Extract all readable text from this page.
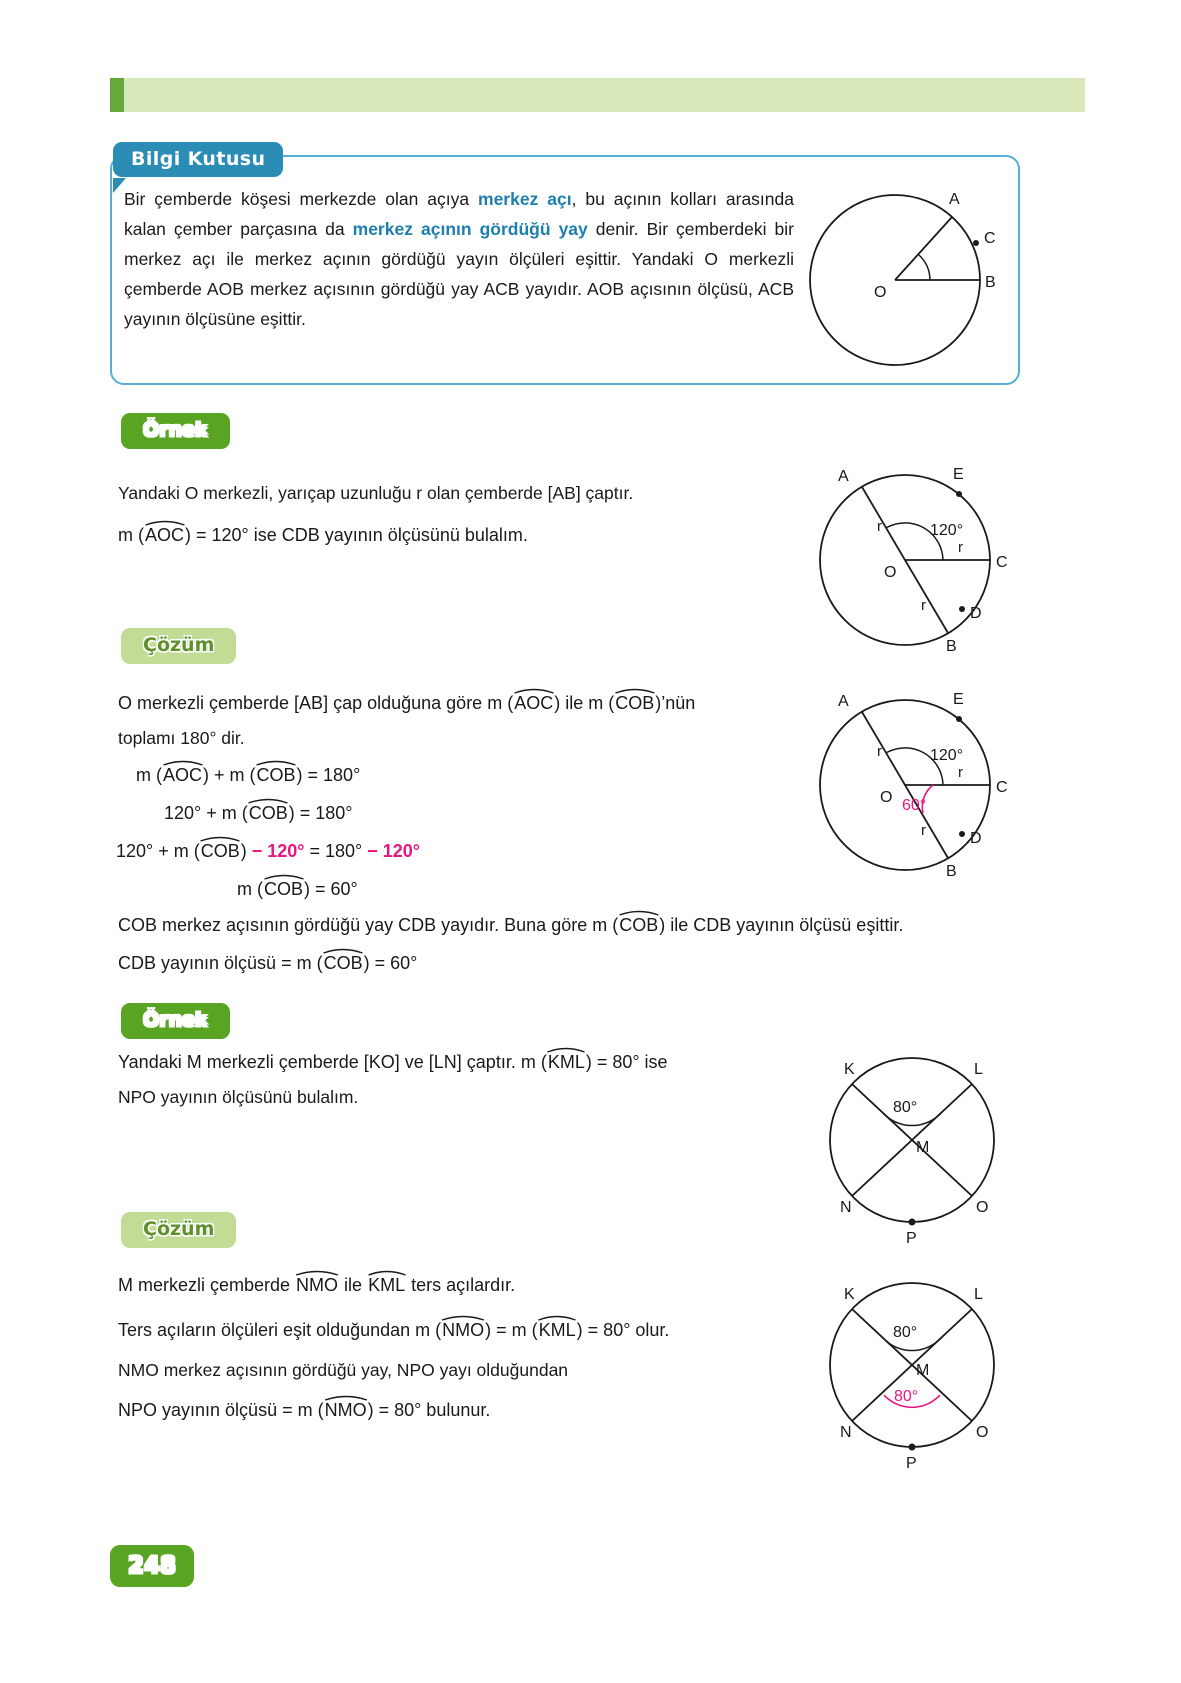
Bilgi Kutusu
Bir çemberde köşesi merkezde olan açıya merkez açı, bu açının kolları arasında kalan çember parçasına da merkez açının gördüğü yay denir. Bir çemberdeki bir merkez açı ile merkez açının gördüğü yayın ölçüleri eşittir. Yandaki O merkezli çemberde AOB merkez açısının gördüğü yay ACB yayıdır. AOB açısının ölçüsü, ACB yayının ölçüsüne eşittir.
A
C
B
O
Örnek
Yandaki O merkezli, yarıçap uzunluğu r olan çemberde [AB] çaptır.
m (
AOC) = 120° ise CDB yayının ölçüsünü bulalım.
A	E
C
D
B
O
r
r
r
120°
Çözüm
O merkezli çemberde [AB] çap olduğuna göre m (
AOC) ile m (
COB)’nün
toplamı 180° dir.
m (
AOC) + m (
COB) = 180°
120° + m (
COB) = 180°
120° + m (
COB) − 120° = 180° − 120°
m (
COB) = 60°
COB merkez açısının gördüğü yay CDB yayıdır. Buna göre m (
COB) ile CDB yayının ölçüsü eşittir.
CDB yayının ölçüsü = m (
COB) = 60°
A	E
C
D
B
O
r
r
r
120°
60°
Örnek
Yandaki M merkezli çemberde [KO] ve [LN] çaptır. m (
KML) = 80° ise
NPO yayının ölçüsünü bulalım.
K	L
M
N	O
P
80°
Çözüm
M merkezli çemberde
NMO ile
KML ters açılardır.
Ters açıların ölçüleri eşit olduğundan m (
NMO) = m (
KML) = 80° olur.
NMO merkez açısının gördüğü yay, NPO yayı olduğundan
NPO yayının ölçüsü = m (
NMO) = 80° bulunur.
K	L
M
N	O
P
80°
80°
248
